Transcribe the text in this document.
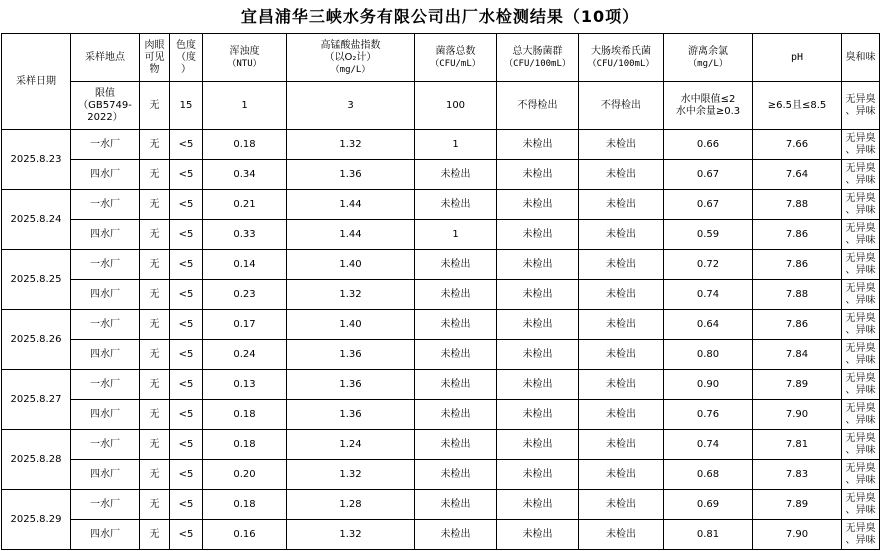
宜昌浦华三峡水务有限公司出厂水检测结果（10项）
采样日期	采样地点	肉眼
可见
物	色度
（度
）	浑浊度
（NTU）	高锰酸盐指数
（以O₂计）
（mg/L）	菌落总数
（CFU/mL）	总大肠菌群
（CFU/100mL）	大肠埃希氏菌
（CFU/100mL）	游离余氯
（mg/L）	pH	臭和味

	限值
（GB5749-
2022）	无	15	1	3	100	不得检出	不得检出	水中限值≤2
水中余量≥0.3	≥6.5且≤8.5	无异臭
、异味

2025.8.23	一水厂	无	<5	0.18	1.32	1	未检出	未检出	0.66	7.66	无异臭
、异味

	四水厂	无	<5	0.34	1.36	未检出	未检出	未检出	0.67	7.64	无异臭
、异味

2025.8.24	一水厂	无	<5	0.21	1.44	未检出	未检出	未检出	0.67	7.88	无异臭
、异味

	四水厂	无	<5	0.33	1.44	1	未检出	未检出	0.59	7.86	无异臭
、异味

2025.8.25	一水厂	无	<5	0.14	1.40	未检出	未检出	未检出	0.72	7.86	无异臭
、异味

	四水厂	无	<5	0.23	1.32	未检出	未检出	未检出	0.74	7.88	无异臭
、异味

2025.8.26	一水厂	无	<5	0.17	1.40	未检出	未检出	未检出	0.64	7.86	无异臭
、异味

	四水厂	无	<5	0.24	1.36	未检出	未检出	未检出	0.80	7.84	无异臭
、异味

2025.8.27	一水厂	无	<5	0.13	1.36	未检出	未检出	未检出	0.90	7.89	无异臭
、异味

	四水厂	无	<5	0.18	1.36	未检出	未检出	未检出	0.76	7.90	无异臭
、异味

2025.8.28	一水厂	无	<5	0.18	1.24	未检出	未检出	未检出	0.74	7.81	无异臭
、异味

	四水厂	无	<5	0.20	1.32	未检出	未检出	未检出	0.68	7.83	无异臭
、异味

2025.8.29	一水厂	无	<5	0.18	1.28	未检出	未检出	未检出	0.69	7.89	无异臭
、异味

	四水厂	无	<5	0.16	1.32	未检出	未检出	未检出	0.81	7.90	无异臭
、异味
